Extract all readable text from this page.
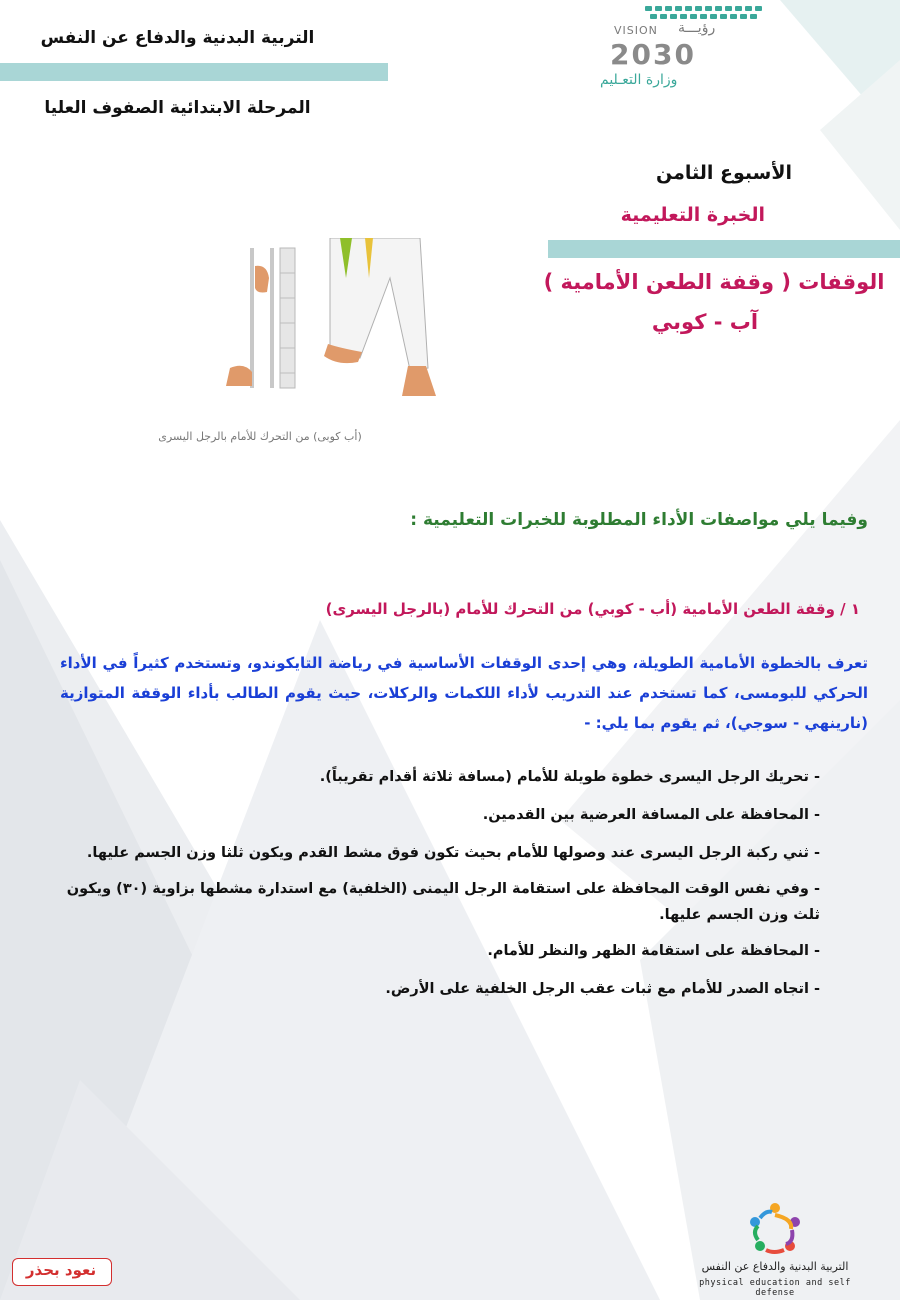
التربية البدنية والدفاع عن النفس
المرحلة الابتدائية الصفوف العليا
VISION رؤيـــة
2030
وزارة التعـليم
الأسبوع الثامن
الخبرة التعليمية
الوقفات ( وقفة الطعن الأمامية )
آب - كوبي
(أب كوبى) من التحرك للأمام بالرجل اليسرى
وفيما يلي مواصفات الأداء المطلوبة للخبرات التعليمية :
١ / وقفة الطعن الأمامية (أب - كوبي) من التحرك للأمام (بالرجل اليسرى)
تعرف بالخطوة الأمامية الطويلة، وهي إحدى الوقفات الأساسية في رياضة التايكوندو، وتستخدم كثيراً في الأداء الحركي للبومسى، كما تستخدم عند التدريب لأداء اللكمات والركلات، حيث يقوم الطالب بأداء الوقفة المتوازية (نارينهي - سوجي)، ثم يقوم بما يلي: -
- تحريك الرجل اليسرى خطوة طويلة للأمام (مسافة ثلاثة أقدام تقريباً).
- المحافظة على المسافة العرضية بين القدمين.
- ثني ركبة الرجل اليسرى عند وصولها للأمام بحيث تكون فوق مشط القدم ويكون ثلثا وزن الجسم عليها.
- وفي نفس الوقت المحافظة على استقامة الرجل اليمنى (الخلفية) مع استدارة مشطها بزاوية (٣٠) ويكون ثلث وزن الجسم عليها.
- المحافظة على استقامة الظهر والنظر للأمام.
- اتجاه الصدر للأمام مع ثبات عقب الرجل الخلفية على الأرض.
التربية البدنية والدفاع عن النفس
physical education and self defense
نعود بحذر
